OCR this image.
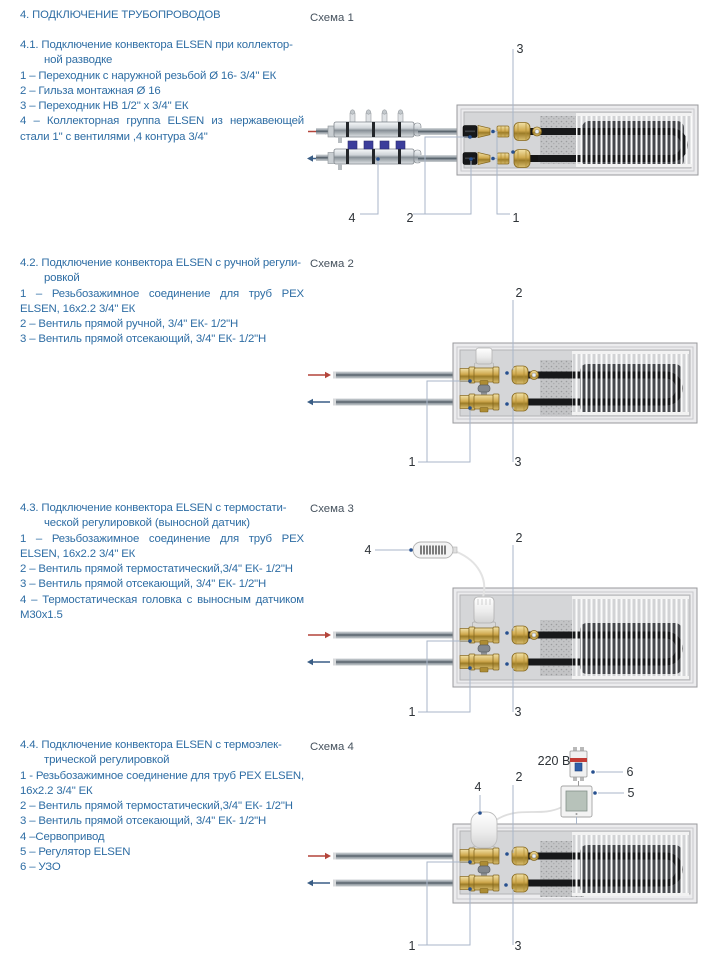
4. ПОДКЛЮЧЕНИЕ ТРУБОПРОВОДОВ
4.1. Подключение конвектора ELSEN при коллектор-
ной разводке
1 – Переходник с наружной резьбой Ø 16- 3/4" ЕК
2 – Гильза монтажная Ø 16
3 – Переходник НВ 1/2" х 3/4" ЕК
4 – Коллекторная группа ELSEN из нержавеющей стали 1" с вентилями ,4 контура 3/4"
4.2. Подключение конвектора ELSEN с ручной регули-
ровкой
1 – Резьбозажимное соединение для труб PEX ELSEN, 16х2.2 3/4" ЕК
2 – Вентиль прямой ручной, 3/4" ЕК- 1/2"Н
3 – Вентиль прямой отсекающий, 3/4" ЕК- 1/2"Н
4.3. Подключение конвектора ELSEN с термостати-
ческой регулировкой (выносной датчик)
1 – Резьбозажимное соединение для труб PEX ELSEN, 16х2.2 3/4" ЕК
2 – Вентиль прямой термостатический,3/4" ЕК- 1/2"Н
3 – Вентиль прямой отсекающий, 3/4" ЕК- 1/2"Н
4 – Термостатическая головка с выносным датчиком М30х1.5
4.4. Подключение конвектора ELSEN с термоэлек-
трической регулировкой
1 - Резьбозажимное соединение для труб PEX ELSEN, 16х2.2 3/4" ЕК
2 – Вентиль прямой термостатический,3/4" ЕК- 1/2"Н
3 – Вентиль прямой отсекающий, 3/4" ЕК- 1/2"Н
4 –Сервопривод
5 – Регулятор ELSEN
6 – УЗО
Схема 1
Схема 2
Схема 3
Схема 4
3
4	2	1
2
1	3
4
2
1	3
220 В
4
2	6
5
1	3
